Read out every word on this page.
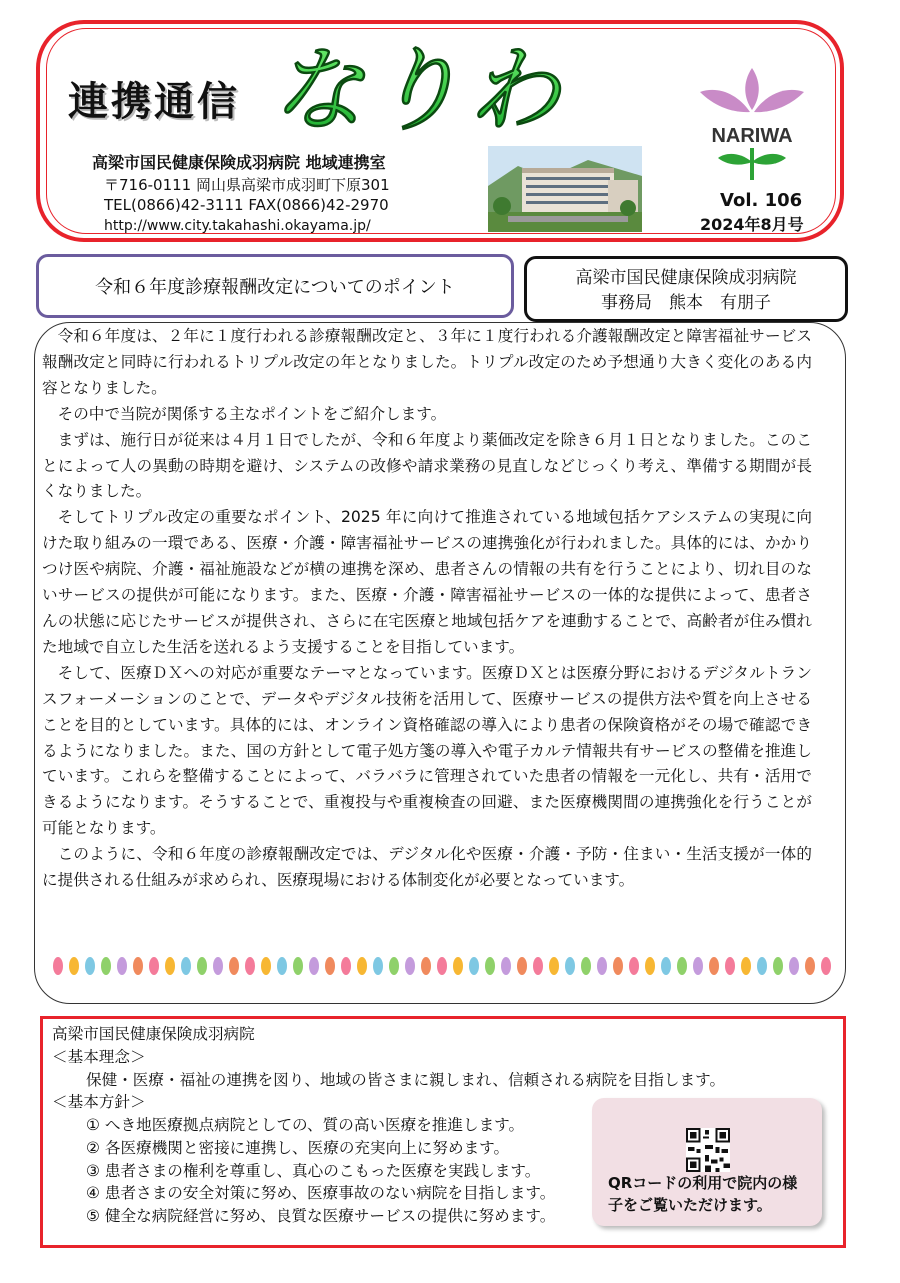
連携通信 なりわ
高梁市国民健康保険成羽病院 地域連携室
〒716-0111 岡山県高梁市成羽町下原301
TEL(0866)42-3111 FAX(0866)42-2970
http://www.city.takahashi.okayama.jp/
NARIWA
Vol. 106
2024年8月号
令和６年度診療報酬改定についてのポイント	高梁市国民健康保険成羽病院
事務局　熊本　有朋子

令和６年度は、２年に１度行われる診療報酬改定と、３年に１度行われる介護報酬改定と障害福祉サービス報酬改定と同時に行われるトリプル改定の年となりました。トリプル改定のため予想通り大きく変化のある内容となりました。

その中で当院が関係する主なポイントをご紹介します。

まずは、施行日が従来は４月１日でしたが、令和６年度より薬価改定を除き６月１日となりました。このことによって人の異動の時期を避け、システムの改修や請求業務の見直しなどじっくり考え、準備する期間が長くなりました。

そしてトリプル改定の重要なポイント、2025 年に向けて推進されている地域包括ケアシステムの実現に向けた取り組みの一環である、医療・介護・障害福祉サービスの連携強化が行われました。具体的には、かかりつけ医や病院、介護・福祉施設などが横の連携を深め、患者さんの情報の共有を行うことにより、切れ目のないサービスの提供が可能になります。また、医療・介護・障害福祉サービスの一体的な提供によって、患者さんの状態に応じたサービスが提供され、さらに在宅医療と地域包括ケアを連動することで、高齢者が住み慣れた地域で自立した生活を送れるよう支援することを目指しています。

そして、医療ＤＸへの対応が重要なテーマとなっています。医療ＤＸとは医療分野におけるデジタルトランスフォーメーションのことで、データやデジタル技術を活用して、医療サービスの提供方法や質を向上させることを目的としています。具体的には、オンライン資格確認の導入により患者の保険資格がその場で確認できるようになりました。また、国の方針として電子処方箋の導入や電子カルテ情報共有サービスの整備を推進しています。これらを整備することによって、バラバラに管理されていた患者の情報を一元化し、共有・活用できるようになります。そうすることで、重複投与や重複検査の回避、また医療機関間の連携強化を行うことが可能となります。

このように、令和６年度の診療報酬改定では、デジタル化や医療・介護・予防・住まい・生活支援が一体的に提供される仕組みが求められ、医療現場における体制変化が必要となっています。

高梁市国民健康保険成羽病院
＜基本理念＞
保健・医療・福祉の連携を図り、地域の皆さまに親しまれ、信頼される病院を目指します。
＜基本方針＞
① へき地医療拠点病院としての、質の高い医療を推進します。
② 各医療機関と密接に連携し、医療の充実向上に努めます。
③ 患者さまの権利を尊重し、真心のこもった医療を実践します。
④ 患者さまの安全対策に努め、医療事故のない病院を目指します。
⑤ 健全な病院経営に努め、良質な医療サービスの提供に努めます。
QRコードの利用で院内の様子をご覧いただけます。
